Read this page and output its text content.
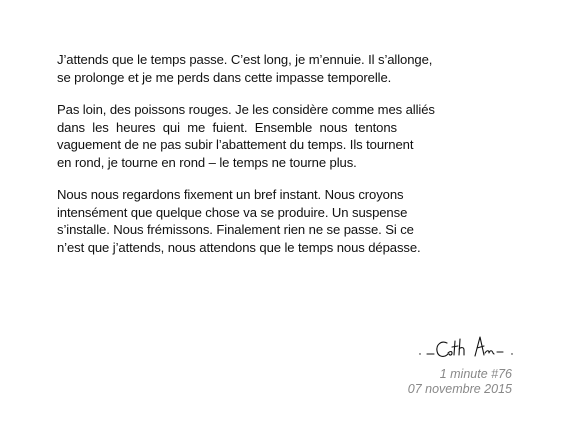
J’attends que le temps passe. C’est long, je m’ennuie. Il s’allonge,
se prolonge et je me perds dans cette impasse temporelle.

Pas loin, des poissons rouges. Je les considère comme mes alliés
dans les heures qui me fuient. Ensemble nous tentons
vaguement de ne pas subir l’abattement du temps. Ils tournent
en rond, je tourne en rond – le temps ne tourne plus.

Nous nous regardons fixement un bref instant. Nous croyons
intensément que quelque chose va se produire. Un suspense
s’installe. Nous frémissons. Finalement rien ne se passe. Si ce
n’est que j’attends, nous attendons que le temps nous dépasse.

1 minute #76
07 novembre 2015
